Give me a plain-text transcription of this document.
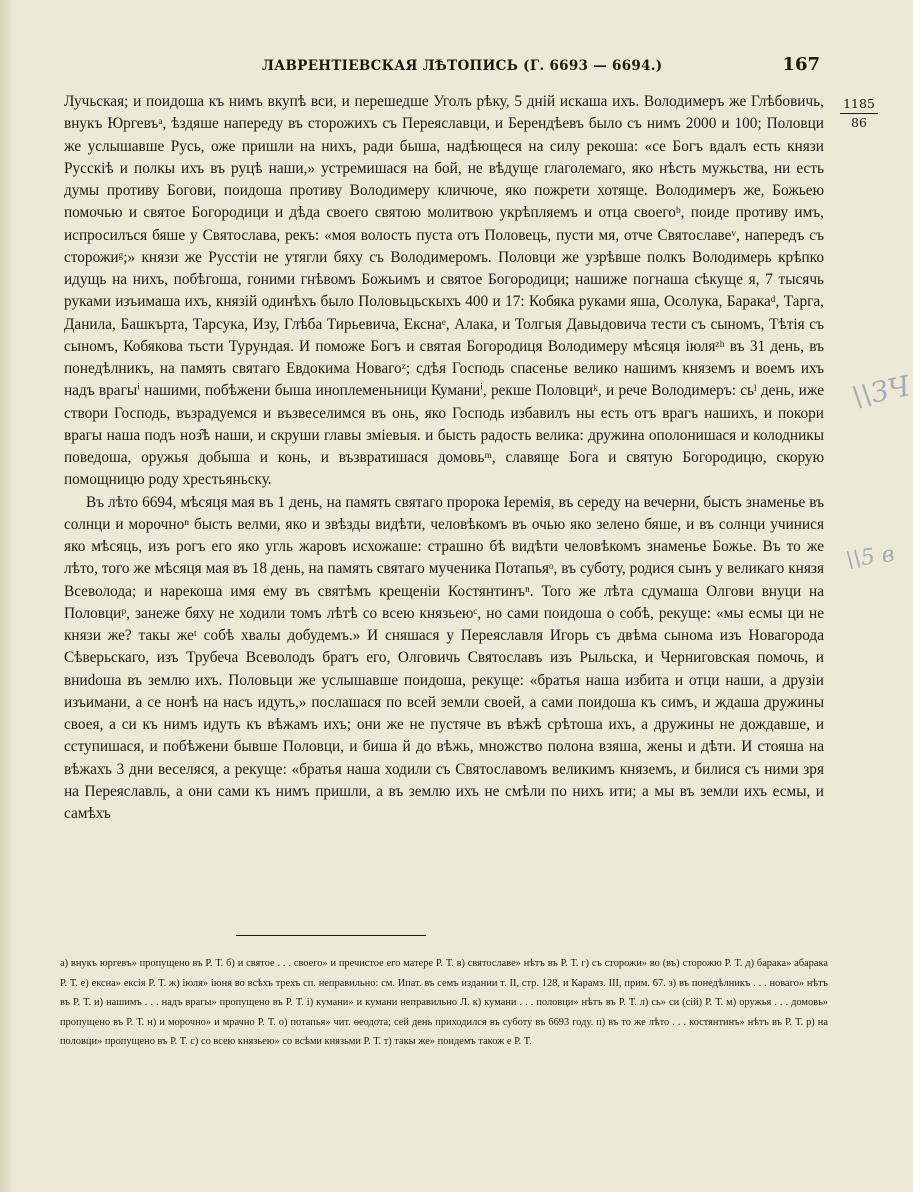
ЛАВРЕНТІЕВСКАЯ ЛѢТОПИСЬ (Г. 6693 — 6694.)	167
1185
86

Лучьская; и поидоша къ нимъ вкупѣ вси, и перешедше Уголъ рѣку, 5 днiй искаша ихъ. Володимеръ же Глѣбовичь, внукъ Юргевъᵃ, ѣздяше напереду въ сторожихъ съ Переяславци, и Берендѣевъ было съ нимъ 2000 и 100; Половци же услышавше Русь, оже пришли на нихъ, ради быша, надѣющеся на силу рекоша: «се Богъ вдалъ есть князи Русскiѣ и полкы ихъ въ руцѣ наши,» устремишася на бой, не вѣдуще глаголемаго, яко нѣсть мужьства, ни есть думы противу Богови, поидоша противу Володимеру кличюче, яко пожрети хотяще. Володимеръ же, Божьею помочью и святое Богородици и дѣда своего святою молитвою укрѣпляемъ и отца своегоᵇ, поиде противу имъ, испросилъся бяше у Святослава, рекъ: «моя волость пуста отъ Половець, пусти мя, отче Святославеᵛ, напередъ съ сторожиᵍ;» князи же Русстiи не утягли бяху съ Володимеромъ. Половци же узрѣвше полкъ Володимерь крѣпко идущь на нихъ, побѣгоша, гоними гнѣвомъ Божьимъ и святое Богородици; нашиже погнаша сѣкуще я, 7 тысячь руками изъимаша ихъ, князiй одинѣхъ было Половьцьскыхъ 400 и 17: Кобяка руками яша, Осолука, Баракаᵈ, Тарга, Данила, Башкърта, Тарсука, Изу, Глѣба Тирьевича, Екснаᵉ, Алака, и Толгыя Давыдовича тести съ сыномъ, Тѣтiя съ сыномъ, Кобякова тьсти Турундая. И поможе Богъ и святая Богородиця Володимеру мѣсяця iюляᶻʰ въ 31 день, въ понедѣлникъ, на память святаго Евдокима Новагоᶻ; сдѣя Господь спасенье велико нашимъ княземъ и воемъ ихъ надъ врагыⁱ нашими, побѣжени быша иноплеменьници Куманиⁱ, рекше Половциᵏ, и рече Володимеръ: сьˡ день, иже створи Господь, възрадуемся и възвеселимся въ онь, яко Господь избавилъ ны есть отъ врагъ нашихъ, и покори врагы наша подъ ноз̑ѣ наши, и скруши главы змiевыя. и бысть радость велика: дружина ополонишася и колодникы поведоша, оружья добыша и конь, и възвратишася домовьᵐ, славяще Бога и святую Богородицю, скорую помощницю роду хрестьяньску.

Въ лѣто 6694, мѣсяця мая въ 1 день, на память святаго пророка Iеремiя, въ середу на вечерни, бысть знаменье въ солнци и морочноⁿ бысть велми, яко и звѣзды видѣти, человѣкомъ въ очью яко зелено бяше, и въ солнци учинися яко мѣсяць, изъ рогъ его яко угль жаровъ исхожаше: страшно бѣ видѣти человѣкомъ знаменье Божье. Въ то же лѣто, того же мѣсяця мая въ 18 день, на память святаго мученика Потапьяᵒ, въ суботу, родися сынъ у великаго князя Всеволода; и нарекоша имя ему въ святѣмъ крещенiи Костянтинъⁿ. Того же лѣта сдумаша Олгови внуци на Половциᵖ, занеже бяху не ходили томъ лѣтѣ со всею князьеюᶜ, но сами поидоша о собѣ, рекуще: «мы есмы ци не князи же? такы жеᵗ собѣ хвалы добудемъ.» И сняшася у Переяславля Игорь съ двѣма сынома изъ Новагорода Сѣверьскаго, изъ Трубеча Всеволодъ братъ его, Олговичь Святославъ изъ Рыльска, и Черниговская помочь, и вниdoша въ землю ихъ. Половьци же услышавше поидоша, рекуще: «братья наша избита и отци наши, а друзiи изъимани, а се нонѣ на насъ идуть,» послашася по всей земли своей, а сами поидоша къ симъ, и ждаша дружины своея, а си къ нимъ идуть къ вѣжамъ ихъ; они же не пустяче въ вѣжѣ срѣтоша ихъ, а дружины не дождавше, и сступишася, и побѣжени бывше Половци, и биша й до вѣжь, множство полона взяша, жены и дѣти. И стояша на вѣжахъ 3 дни веселяся, а рекуще: «братья наша ходили съ Святославомъ великимъ княземъ, и билися съ ними зря на Переяславль, а они сами къ нимъ пришли, а въ землю ихъ не смѣли по нихъ ити; а мы въ земли ихъ есмы, и самѣхъ

а) внукъ юргевъ» пропущено въ Р. Т. б) и святое . . . своего» и пречистое его матере Р. Т. в) святославе» нѣтъ въ Р. Т. г) съ сторожи» во (въ) сторожю Р. Т. д) барака» абарака Р. Т. е) ексна» ексiя Р. Т. ж) iюля» iюня во всѣхъ трехъ сп. неправильно: см. Ипат. въ семъ издании т. II, стр. 128, и Карамз. III, прим. 67. з) въ понедѣлникъ . . . новаго» нѣтъ въ Р. Т. и) нашимъ . . . надъ врагы» пропущено въ Р. Т. i) кумани» и кумани неправильно Л. к) кумани . . . половци» нѣтъ въ Р. Т. л) сь» си (сiй) Р. Т. м) оружья . . . домовь» пропущено въ Р. Т. н) и морочно» и мрачно Р. Т. о) потапья» чит. ѳеодота; сей день приходился въ суботу въ 6693 году. п) въ то же лѣто . . . костянтинъ» нѣтъ въ Р. Т. р) на половци» пропущено въ Р. Т. с) со всею князьею» со всѣми князьми Р. Т. т) такы же» поидемъ також е Р. Т.

\\ЗЧ
\\5 в
